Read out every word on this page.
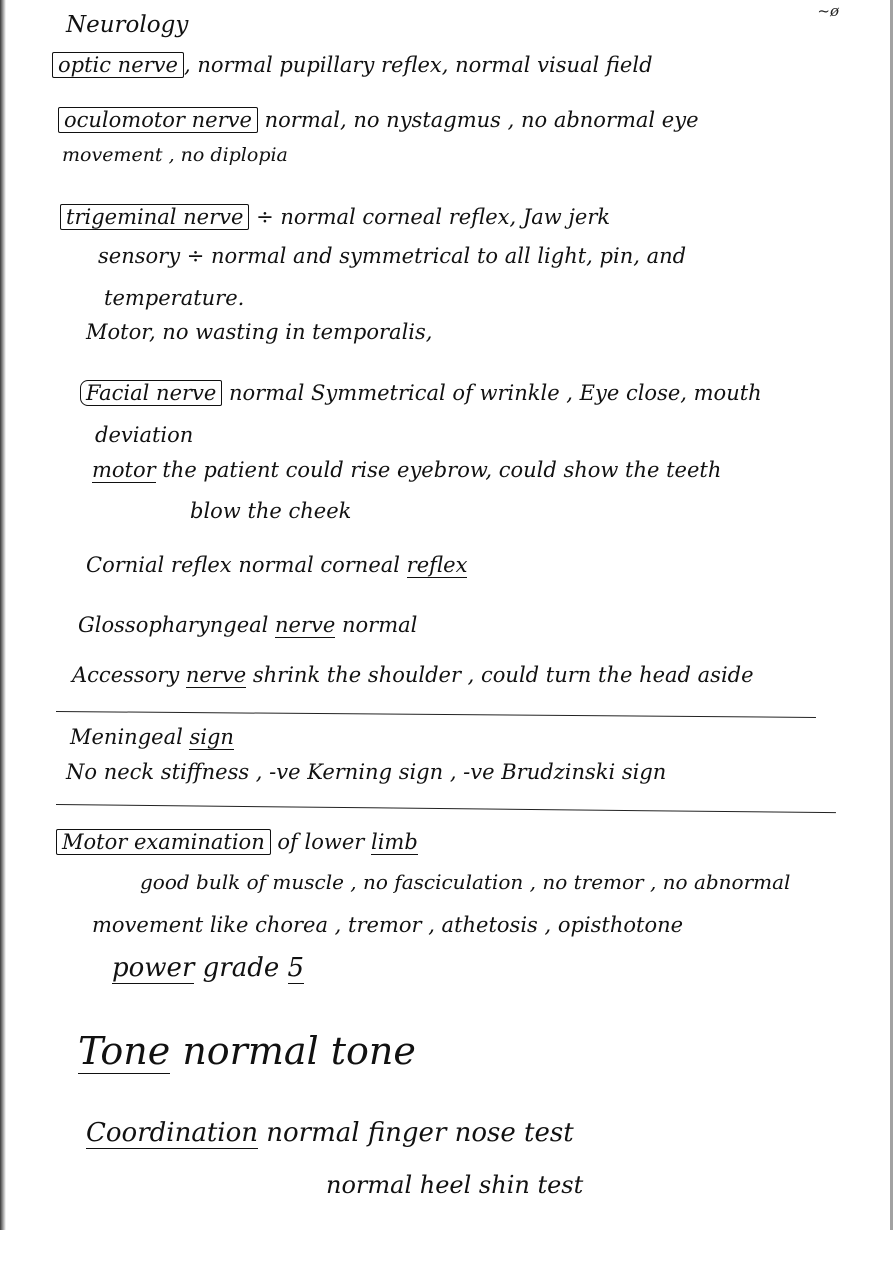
~ø
Neurology
optic nerve , normal pupillary reflex, normal visual field
oculomotor nerve normal, no nystagmus , no abnormal eye
movement , no diplopia
trigeminal nerve ÷ normal corneal reflex, Jaw jerk
sensory ÷ normal and symmetrical to all light, pin, and
temperature.
Motor, no wasting in temporalis,
Facial nerve normal Symmetrical of wrinkle , Eye close, mouth
deviation
motor the patient could rise eyebrow, could show the teeth
blow the cheek
Cornial reflex normal corneal reflex
Glossopharyngeal nerve normal
Accessory nerve shrink the shoulder , could turn the head aside
Meningeal sign
No neck stiffness , -ve Kerning sign , -ve Brudzinski sign
Motor examination of lower limb
good bulk of muscle , no fasciculation , no tremor , no abnormal
movement like chorea , tremor , athetosis , opisthotone
power grade 5
Tone normal tone
Coordination normal finger nose test
normal heel shin test
